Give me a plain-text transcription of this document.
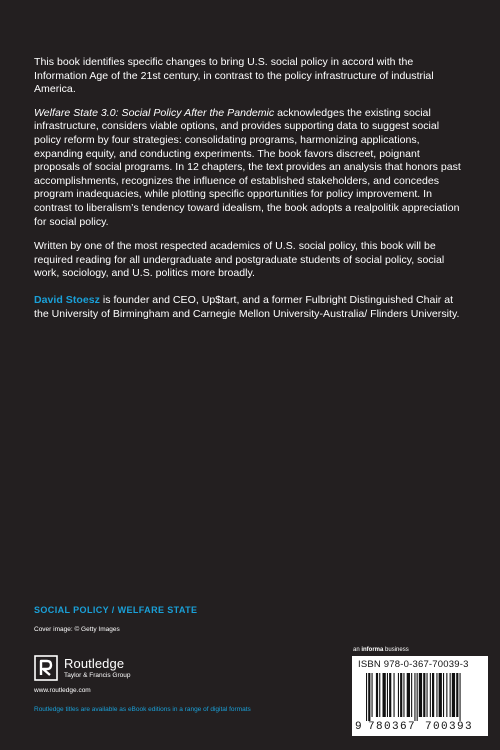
This book identifies specific changes to bring U.S. social policy in accord with the Information Age of the 21st century, in contrast to the policy infrastructure of industrial America.

Welfare State 3.0: Social Policy After the Pandemic acknowledges the existing social infrastructure, considers viable options, and provides supporting data to suggest social policy reform by four strategies: consolidating programs, harmonizing applications, expanding equity, and conducting experiments. The book favors discreet, poignant proposals of social programs. In 12 chapters, the text provides an analysis that honors past accomplishments, recognizes the influence of established stakeholders, and concedes program inadequacies, while plotting specific opportunities for policy improvement. In contrast to liberalism’s tendency toward idealism, the book adopts a realpolitik appreciation for social policy.

Written by one of the most respected academics of U.S. social policy, this book will be required reading for all undergraduate and postgraduate students of social policy, social work, sociology, and U.S. politics more broadly.

David Stoesz is founder and CEO, Up$tart, and a former Fulbright Distinguished Chair at the University of Birmingham and Carnegie Mellon University-Australia/ Flinders University.

SOCIAL POLICY / WELFARE STATE
Cover image: © Getty Images
Routledge
Taylor & Francis Group
www.routledge.com
Routledge titles are available as eBook editions in a range of digital formats
an informa business
ISBN 978-0-367-70039-3
9 780367 700393
